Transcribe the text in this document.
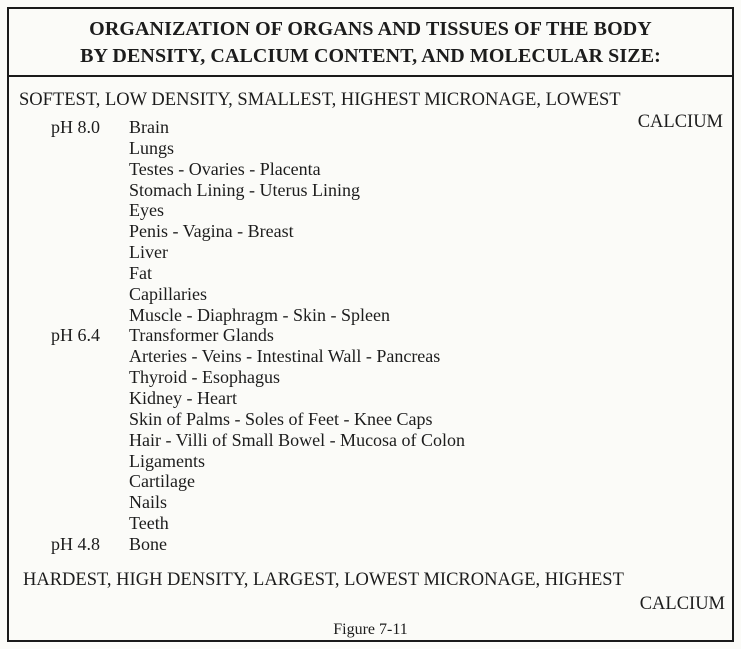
ORGANIZATION OF ORGANS AND TISSUES OF THE BODY
BY DENSITY, CALCIUM CONTENT, AND MOLECULAR SIZE:
SOFTEST, LOW DENSITY, SMALLEST, HIGHEST MICRONAGE, LOWEST
CALCIUM
pH 8.0 Brain
Lungs
Testes - Ovaries - Placenta
Stomach Lining - Uterus Lining
Eyes
Penis - Vagina - Breast
Liver
Fat
Capillaries
Muscle - Diaphragm - Skin - Spleen
pH 6.4 Transformer Glands
Arteries - Veins - Intestinal Wall - Pancreas
Thyroid - Esophagus
Kidney - Heart
Skin of Palms - Soles of Feet - Knee Caps
Hair - Villi of Small Bowel - Mucosa of Colon
Ligaments
Cartilage
Nails
Teeth
pH 4.8 Bone
HARDEST, HIGH DENSITY, LARGEST, LOWEST MICRONAGE, HIGHEST
CALCIUM
Figure 7-11
